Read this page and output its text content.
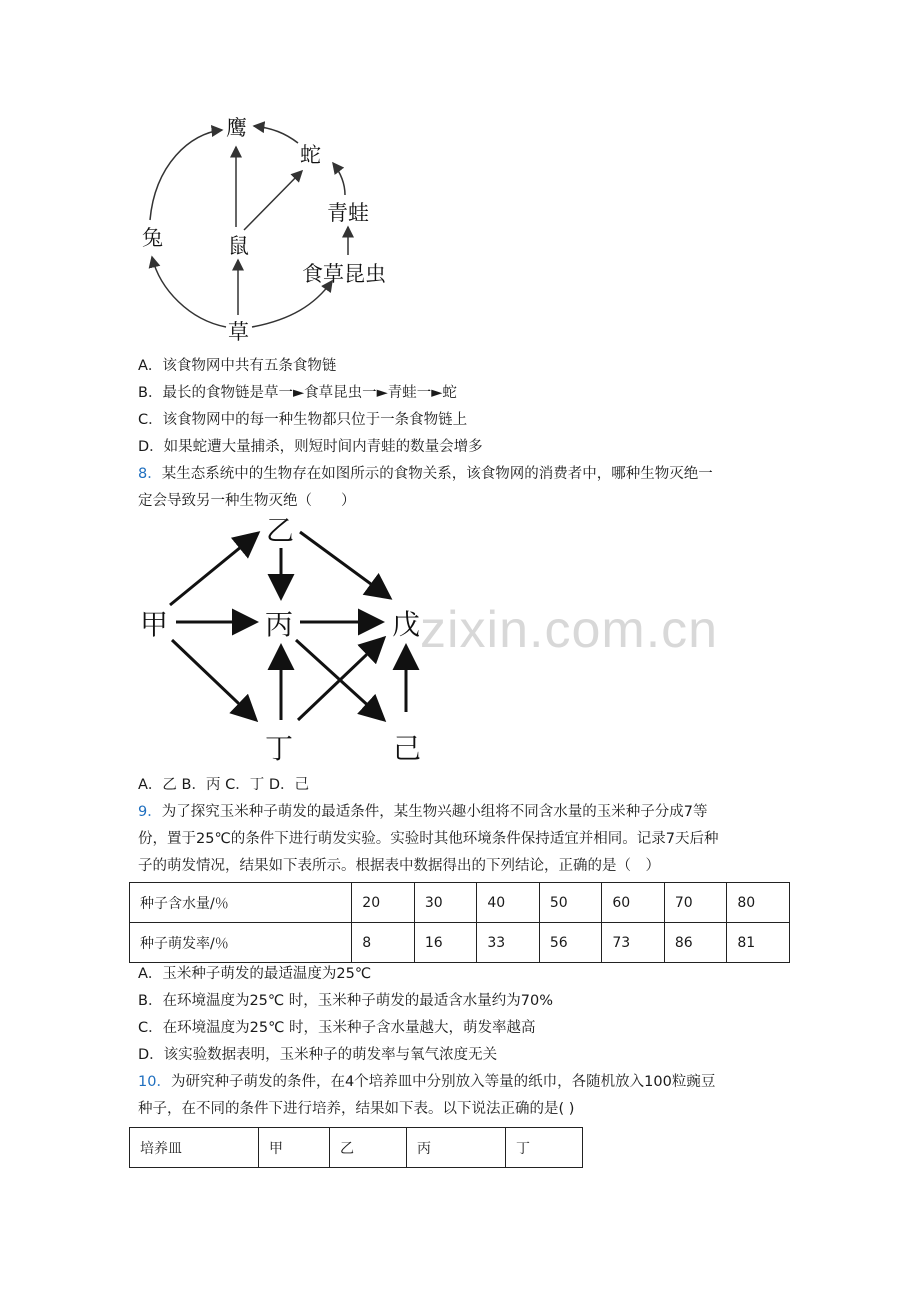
鹰
蛇
青蛙
兔	鼠
食草昆虫
草
A．该食物网中共有五条食物链
B．最长的食物链是草一►食草昆虫一►青蛙一►蛇
C．该食物网中的每一种生物都只位于一条食物链上
D．如果蛇遭大量捕杀，则短时间内青蛙的数量会增多
8．某生态系统中的生物存在如图所示的食物关系，该食物网的消费者中，哪种生物灭绝一
定会导致另一种生物灭绝（　　）
乙
甲	丙	戊
丁	己
zixin.com.cn
A．乙 B．丙 C．丁 D．己
9．为了探究玉米种子萌发的最适条件，某生物兴趣小组将不同含水量的玉米种子分成7等
份，置于25℃的条件下进行萌发实验。实验时其他环境条件保持适宜并相同。记录7天后种
子的萌发情况，结果如下表所示。根据表中数据得出的下列结论，正确的是（　）
种子含水量/％	20	30	40	50	60	70	80
种子萌发率/％	8	16	33	56	73	86	81
A．玉米种子萌发的最适温度为25℃
B．在环境温度为25℃ 时，玉米种子萌发的最适含水量约为70%
C．在环境温度为25℃ 时，玉米种子含水量越大，萌发率越高
D．该实验数据表明，玉米种子的萌发率与氧气浓度无关
10．为研究种子萌发的条件，在4个培养皿中分别放入等量的纸巾，各随机放入100粒豌豆
种子，在不同的条件下进行培养，结果如下表。以下说法正确的是( )
培养皿	甲	乙	丙	丁
